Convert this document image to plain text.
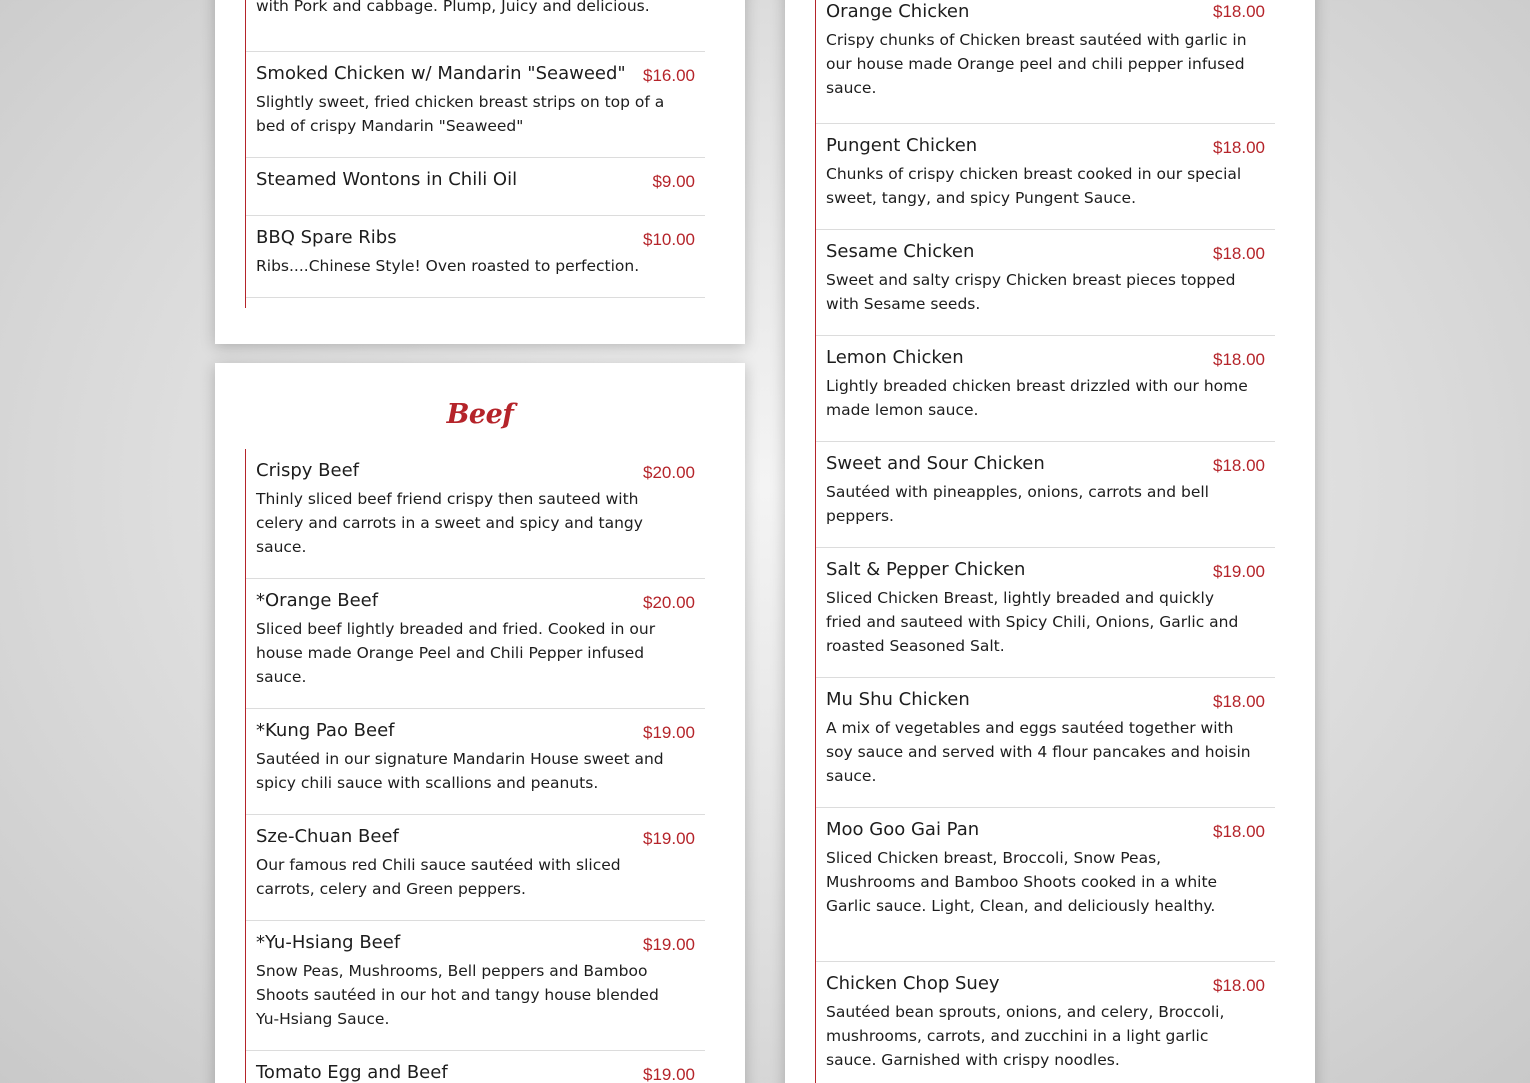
with Pork and cabbage. Plump, Juicy and delicious.
Smoked Chicken w/ Mandarin "Seaweed"	$16.00
Slightly sweet, fried chicken breast strips on top of a bed of crispy Mandarin "Seaweed"
Steamed Wontons in Chili Oil	$9.00
BBQ Spare Ribs	$10.00
Ribs....Chinese Style! Oven roasted to perfection.
Beef
Crispy Beef	$20.00
Thinly sliced beef friend crispy then sauteed with celery and carrots in a sweet and spicy and tangy sauce.
*Orange Beef	$20.00
Sliced beef lightly breaded and fried. Cooked in our house made Orange Peel and Chili Pepper infused sauce.
*Kung Pao Beef	$19.00
Sautéed in our signature Mandarin House sweet and spicy chili sauce with scallions and peanuts.
Sze-Chuan Beef	$19.00
Our famous red Chili sauce sautéed with sliced carrots, celery and Green peppers.
*Yu-Hsiang Beef	$19.00
Snow Peas, Mushrooms, Bell peppers and Bamboo Shoots sautéed in our hot and tangy house blended Yu-Hsiang Sauce.
Tomato Egg and Beef	$19.00
Orange Chicken	$18.00
Crispy chunks of Chicken breast sautéed with garlic in our house made Orange peel and chili pepper infused sauce.
Pungent Chicken	$18.00
Chunks of crispy chicken breast cooked in our special sweet, tangy, and spicy Pungent Sauce.
Sesame Chicken	$18.00
Sweet and salty crispy Chicken breast pieces topped with Sesame seeds.
Lemon Chicken	$18.00
Lightly breaded chicken breast drizzled with our home made lemon sauce.
Sweet and Sour Chicken	$18.00
Sautéed with pineapples, onions, carrots and bell peppers.
Salt & Pepper Chicken	$19.00
Sliced Chicken Breast, lightly breaded and quickly fried and sauteed with Spicy Chili, Onions, Garlic and roasted Seasoned Salt.
Mu Shu Chicken	$18.00
A mix of vegetables and eggs sautéed together with soy sauce and served with 4 flour pancakes and hoisin sauce.
Moo Goo Gai Pan	$18.00
Sliced Chicken breast, Broccoli, Snow Peas, Mushrooms and Bamboo Shoots cooked in a white Garlic sauce. Light, Clean, and deliciously healthy.
Chicken Chop Suey	$18.00
Sautéed bean sprouts, onions, and celery, Broccoli, mushrooms, carrots, and zucchini in a light garlic sauce. Garnished with crispy noodles.
